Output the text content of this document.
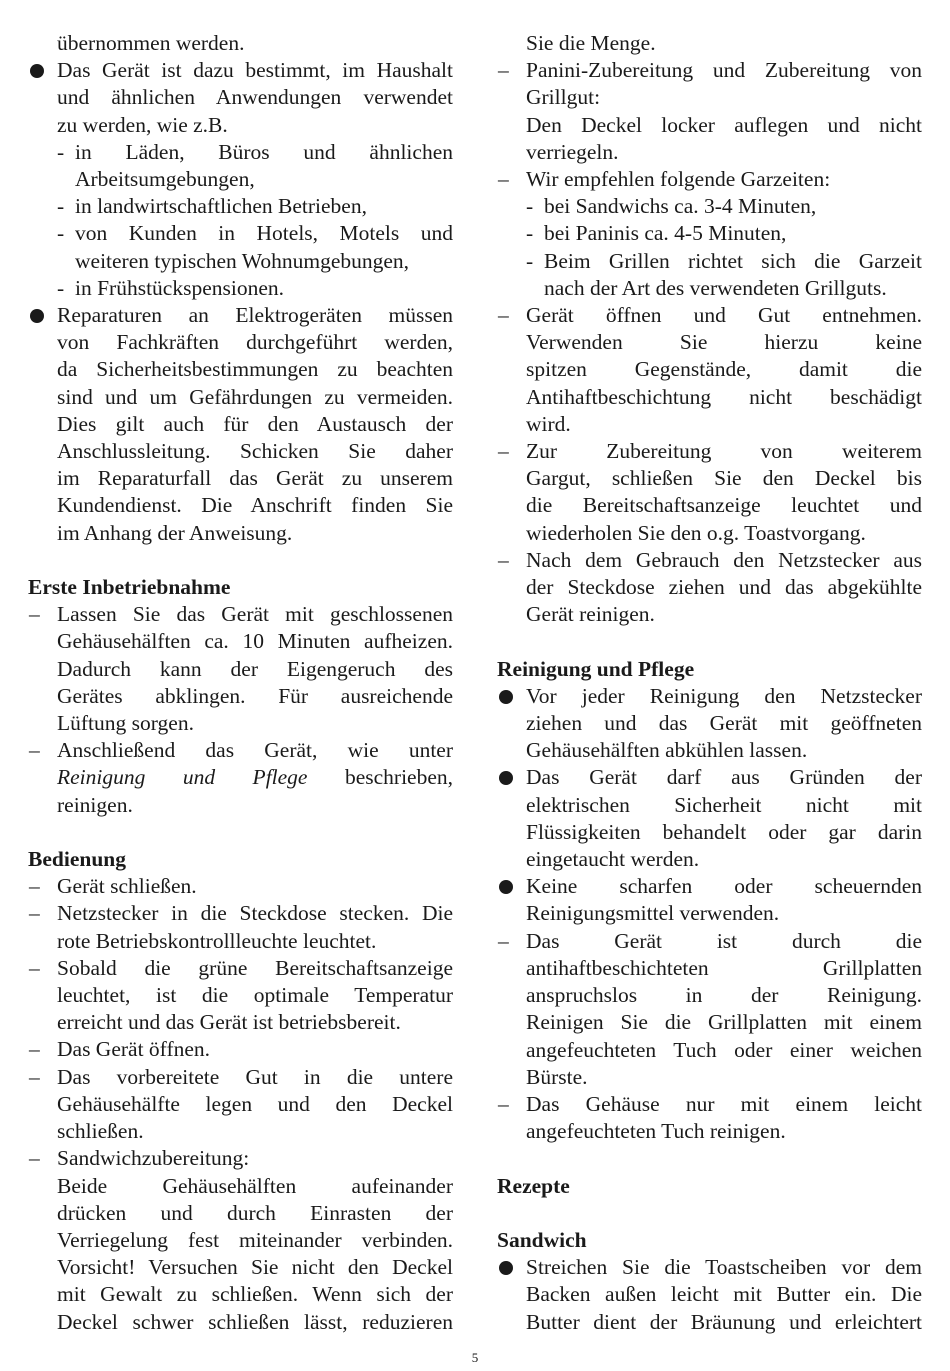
übernommen werden.
Das Gerät ist dazu bestimmt, im Haushalt
und ähnlichen Anwendungen verwendet
zu werden, wie z.B.
- in Läden, Büros und ähnlichen
Arbeitsumgebungen,
- in landwirtschaftlichen Betrieben,
- von Kunden in Hotels, Motels und
weiteren typischen Wohnumgebungen,
- in Frühstückspensionen.
Reparaturen an Elektrogeräten müssen
von Fachkräften durchgeführt werden,
da Sicherheitsbestimmungen zu beachten
sind und um Gefährdungen zu vermeiden.
Dies gilt auch für den Austausch der
Anschlussleitung. Schicken Sie daher
im Reparaturfall das Gerät zu unserem
Kundendienst. Die Anschrift finden Sie
im Anhang der Anweisung.
Erste Inbetriebnahme
Lassen Sie das Gerät mit geschlossenen
Gehäusehälften ca. 10 Minuten aufheizen.
Dadurch kann der Eigengeruch des
Gerätes abklingen. Für ausreichende
Lüftung sorgen.
Anschließend das Gerät, wie unter
Reinigung und Pflege beschrieben,
reinigen.
Bedienung
Gerät schließen.
Netzstecker in die Steckdose stecken. Die
rote Betriebskontrollleuchte leuchtet.
Sobald die grüne Bereitschaftsanzeige
leuchtet, ist die optimale Temperatur
erreicht und das Gerät ist betriebsbereit.
Das Gerät öffnen.
Das vorbereitete Gut in die untere
Gehäusehälfte legen und den Deckel
schließen.
Sandwichzubereitung:
Beide Gehäusehälften aufeinander
drücken und durch Einrasten der
Verriegelung fest miteinander verbinden.
Vorsicht! Versuchen Sie nicht den Deckel
mit Gewalt zu schließen. Wenn sich der
Deckel schwer schließen lässt, reduzieren
Sie die Menge.
Panini-Zubereitung und Zubereitung von
Grillgut:
Den Deckel locker auflegen und nicht
verriegeln.
Wir empfehlen folgende Garzeiten:
- bei Sandwichs ca. 3-4 Minuten,
- bei Paninis ca. 4-5 Minuten,
- Beim Grillen richtet sich die Garzeit
nach der Art des verwendeten Grillguts.
Gerät öffnen und Gut entnehmen.
Verwenden Sie hierzu keine
spitzen Gegenstände, damit die
Antihaftbeschichtung nicht beschädigt
wird.
Zur Zubereitung von weiterem
Gargut, schließen Sie den Deckel bis
die Bereitschaftsanzeige leuchtet und
wiederholen Sie den o.g. Toastvorgang.
Nach dem Gebrauch den Netzstecker aus
der Steckdose ziehen und das abgekühlte
Gerät reinigen.
Reinigung und Pflege
Vor jeder Reinigung den Netzstecker
ziehen und das Gerät mit geöffneten
Gehäusehälften abkühlen lassen.
Das Gerät darf aus Gründen der
elektrischen Sicherheit nicht mit
Flüssigkeiten behandelt oder gar darin
eingetaucht werden.
Keine scharfen oder scheuernden
Reinigungsmittel verwenden.
Das Gerät ist durch die
antihaftbeschichteten Grillplatten
anspruchslos in der Reinigung.
Reinigen Sie die Grillplatten mit einem
angefeuchteten Tuch oder einer weichen
Bürste.
Das Gehäuse nur mit einem leicht
angefeuchteten Tuch reinigen.
Rezepte
Sandwich
Streichen Sie die Toastscheiben vor dem
Backen außen leicht mit Butter ein. Die
Butter dient der Bräunung und erleichtert
5
